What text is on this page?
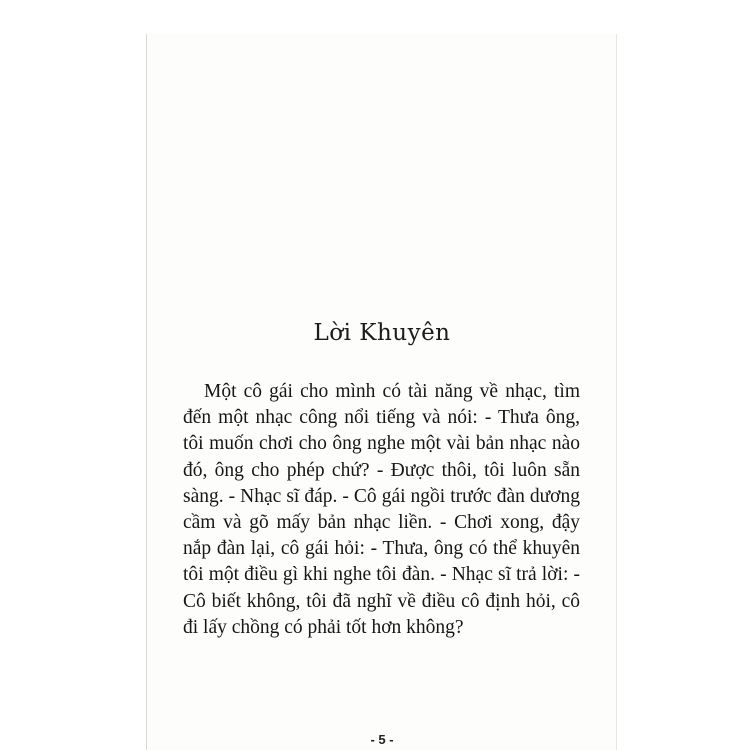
Lời Khuyên

Một cô gái cho mình có tài năng về nhạc, tìm đến một nhạc công nổi tiếng và nói: - Thưa ông, tôi muốn chơi cho ông nghe một vài bản nhạc nào đó, ông cho phép chứ? - Được thôi, tôi luôn sẵn sàng. - Nhạc sĩ đáp. - Cô gái ngồi trước đàn dương cầm và gõ mấy bản nhạc liền. - Chơi xong, đậy nắp đàn lại, cô gái hỏi: - Thưa, ông có thể khuyên tôi một điều gì khi nghe tôi đàn. - Nhạc sĩ trả lời: - Cô biết không, tôi đã nghĩ về điều cô định hỏi, cô đi lấy chồng có phải tốt hơn không?

- 5 -
